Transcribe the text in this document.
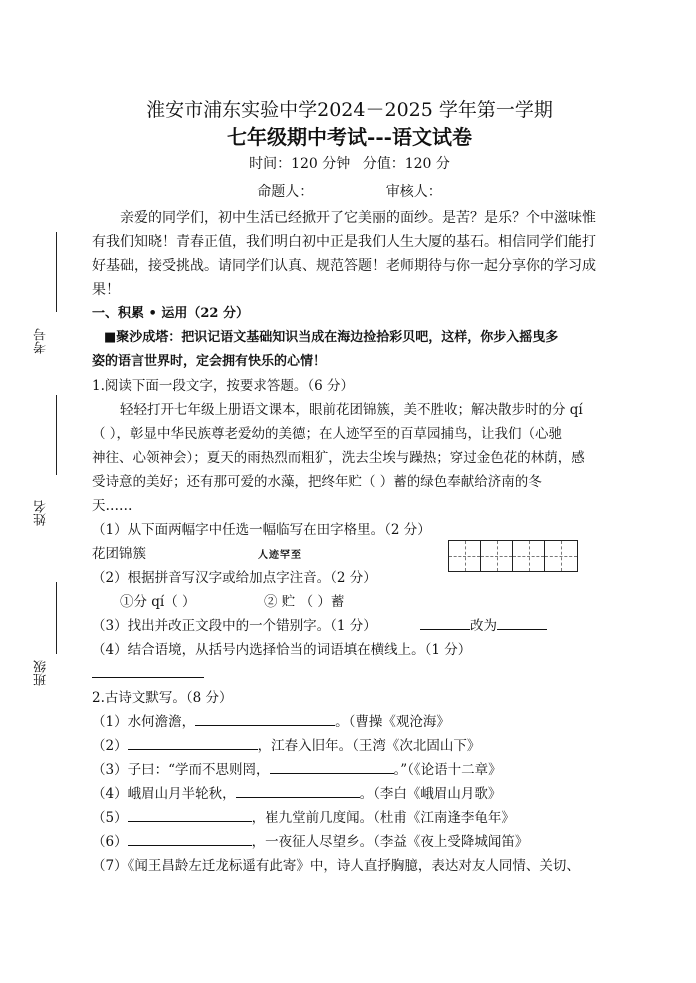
考号
姓名
班级
淮安市浦东实验中学2024－2025 学年第一学期
七年级期中考试---语文试卷
时间：120 分钟 分值：120 分
命题人：	审核人：
亲爱的同学们，初中生活已经掀开了它美丽的面纱。是苦？是乐？个中滋味惟
有我们知晓！青春正值，我们明白初中正是我们人生大厦的基石。相信同学们能打
好基础，接受挑战。请同学们认真、规范答题！老师期待与你一起分享你的学习成
果！
一、积累 • 运用（22 分）
■聚沙成塔：把识记语文基础知识当成在海边捡拾彩贝吧，这样，你步入摇曳多
姿的语言世界时，定会拥有快乐的心情！
1.阅读下面一段文字，按要求答题。（6 分）
轻轻打开七年级上册语文课本，眼前花团锦簇，美不胜收；解决散步时的分 qí
（ ），彰显中华民族尊老爱幼的美德；在人迹罕至的百草园捕鸟，让我们（心驰
神往、心领神会）；夏天的雨热烈而粗犷，洗去尘埃与躁热；穿过金色花的林荫，感
受诗意的美好；还有那可爱的水藻，把终年贮（ ）蓄的绿色奉献给济南的冬
天……
（1）从下面两幅字中任选一幅临写在田字格里。（2 分）
花团锦簇	人迹罕至
（2）根据拼音写汉字或给加点字注音。（2 分）
①分 qí（ ）	② 贮 （ ）蓄
（3）找出并改正文段中的一个错别字。（1 分）	改为
（4）结合语境，从括号内选择恰当的词语填在横线上。（1 分）
2.古诗文默写。（8 分）
（1）水何澹澹，	。（曹操《观沧海》
（2）	，江春入旧年。（王湾《次北固山下》
（3）子曰：“学而不思则罔，	。”（《论语十二章》
（4）峨眉山月半轮秋，	。（李白《峨眉山月歌》
（5）	，崔九堂前几度闻。（杜甫《江南逢李龟年》
（6）	，一夜征人尽望乡。（李益《夜上受降城闻笛》
（7）《闻王昌龄左迁龙标遥有此寄》中，诗人直抒胸臆，表达对友人同情、关切、
